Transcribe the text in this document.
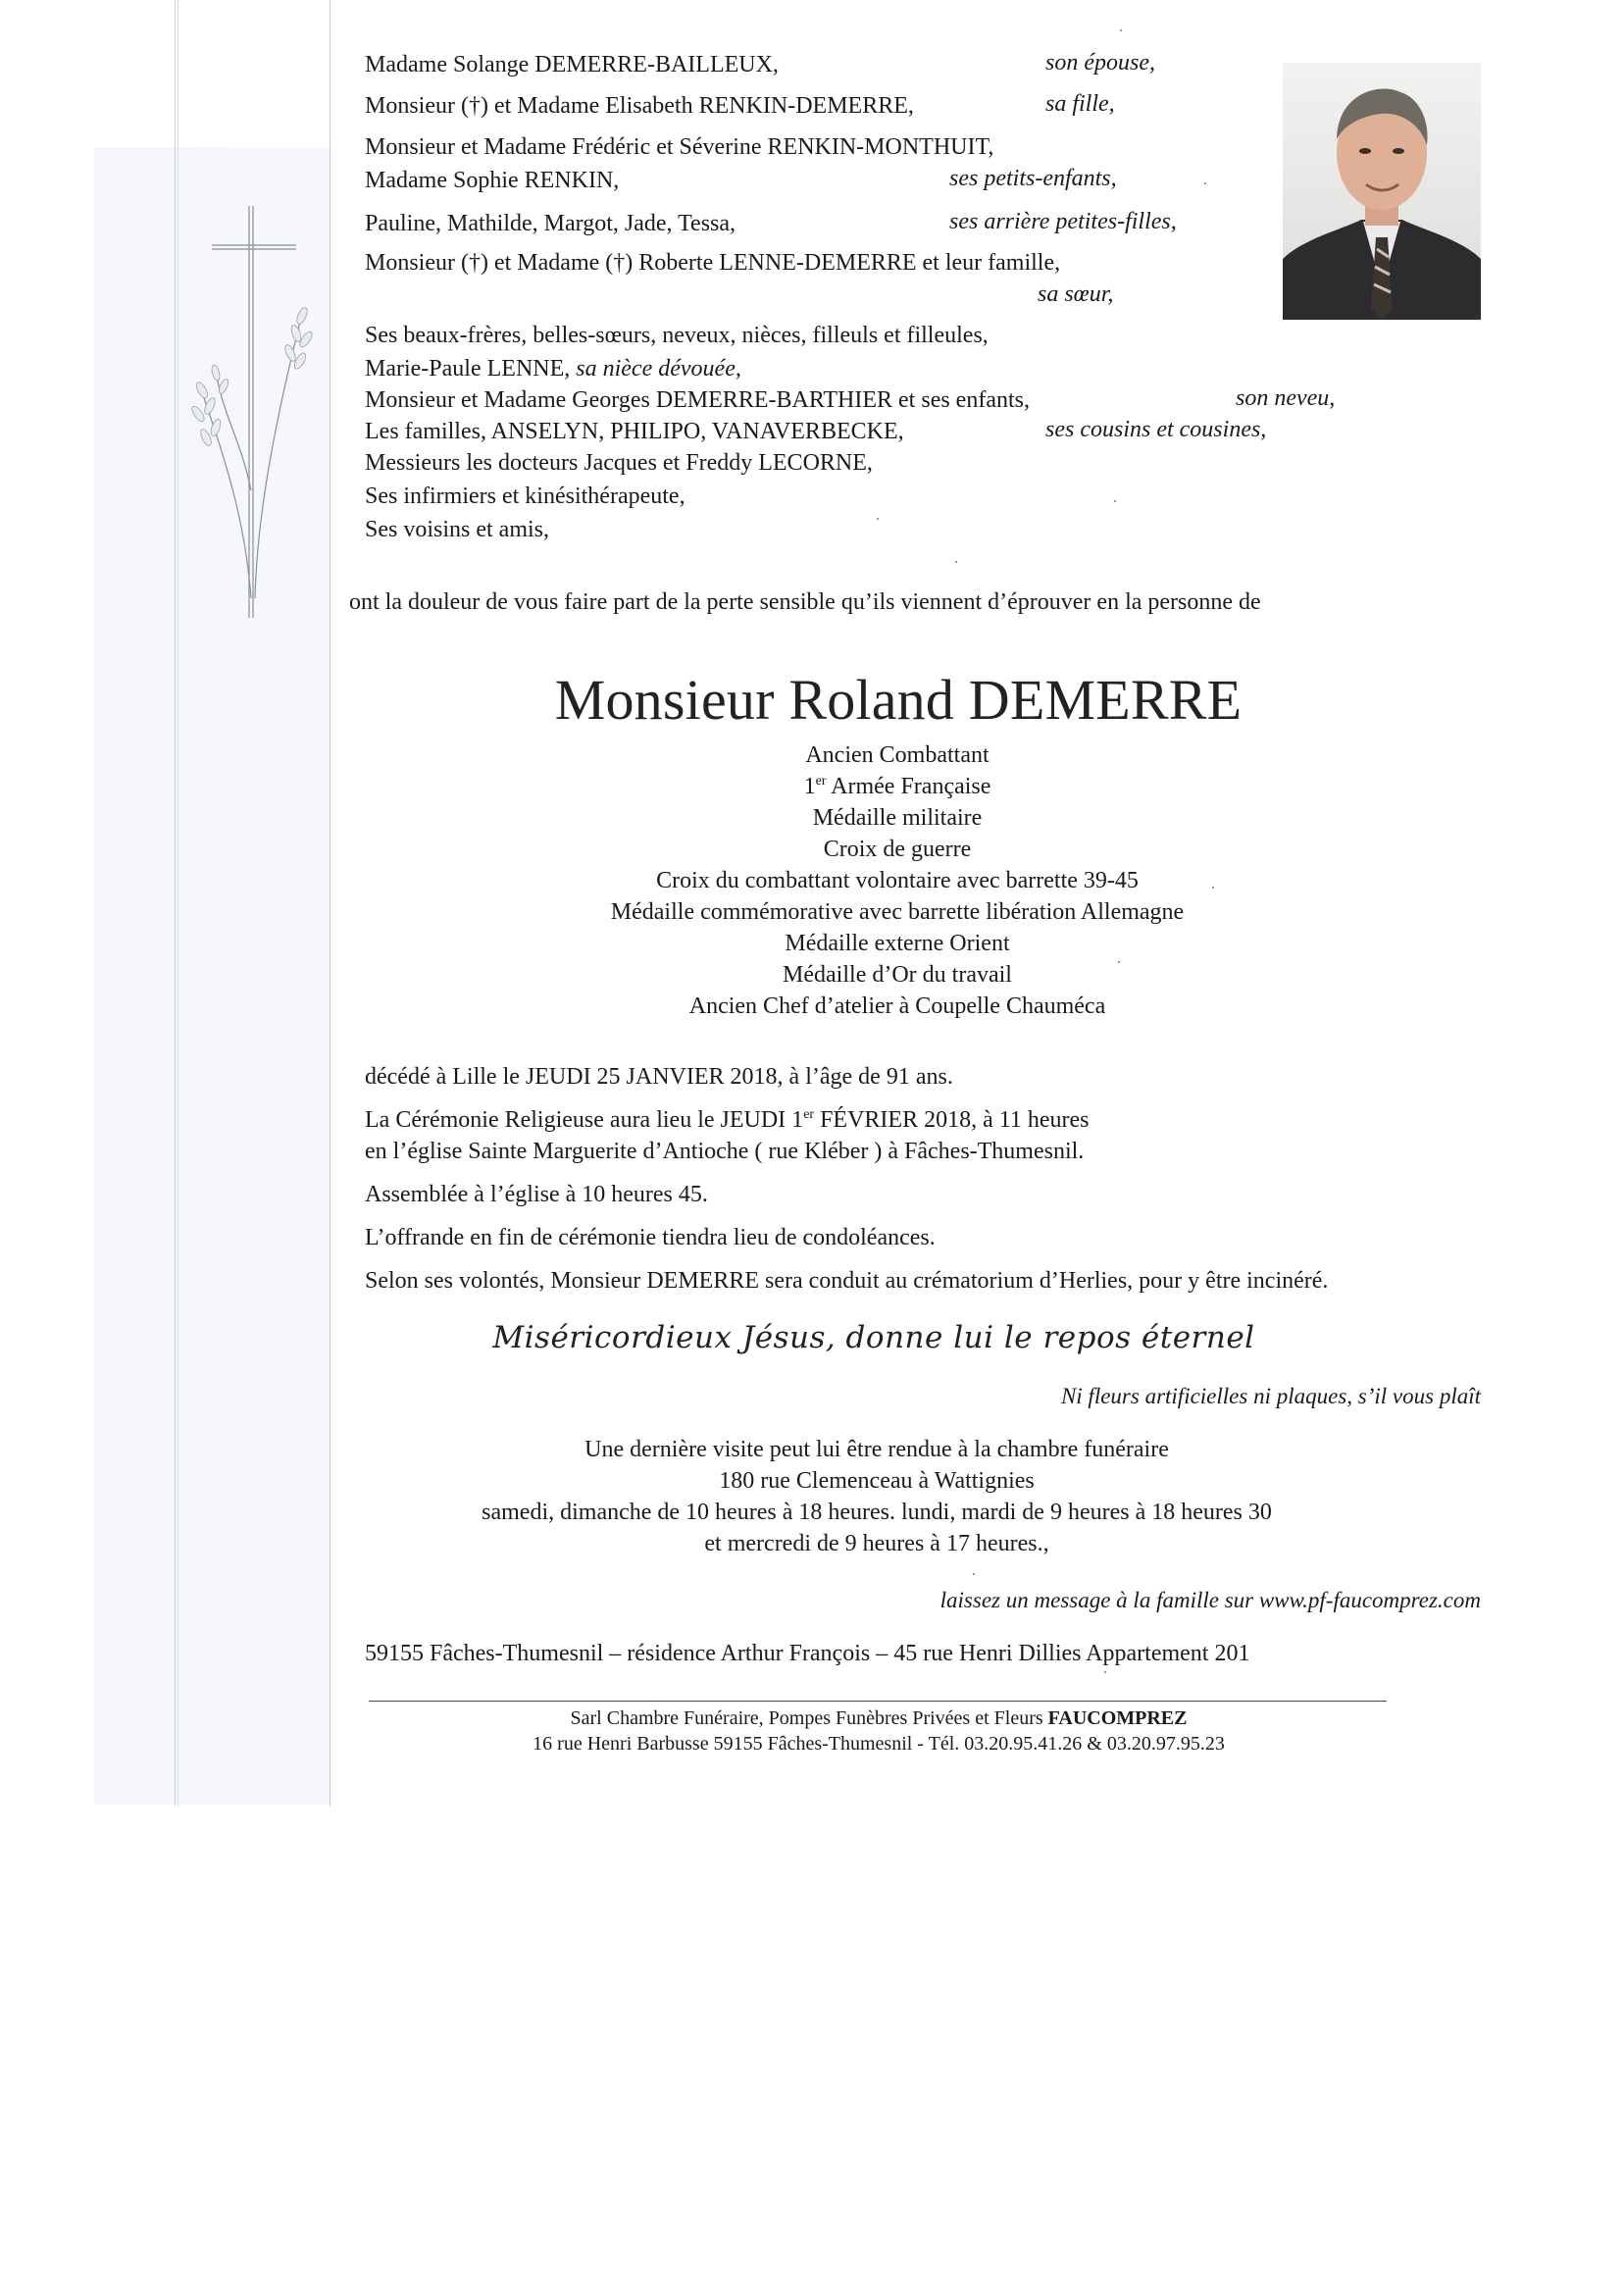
Madame Solange DEMERRE-BAILLEUX,	son épouse,
Monsieur (†) et Madame Elisabeth RENKIN-DEMERRE,	sa fille,
Monsieur et Madame Frédéric et Séverine RENKIN-MONTHUIT,
Madame Sophie RENKIN,	ses petits-enfants,
Pauline, Mathilde, Margot, Jade, Tessa,	ses arrière petites-filles,
Monsieur (†) et Madame (†) Roberte LENNE-DEMERRE et leur famille,
sa sœur,
Ses beaux-frères, belles-sœurs, neveux, nièces, filleuls et filleules,
Marie-Paule LENNE, sa nièce dévouée,
Monsieur et Madame Georges DEMERRE-BARTHIER et ses enfants,	son neveu,
Les familles, ANSELYN, PHILIPO, VANAVERBECKE,	ses cousins et cousines,
Messieurs les docteurs Jacques et Freddy LECORNE,
Ses infirmiers et kinésithérapeute,
Ses voisins et amis,
ont la douleur de vous faire part de la perte sensible qu’ils viennent d’éprouver en la personne de
Monsieur Roland DEMERRE
Ancien Combattant
1er Armée Française
Médaille militaire
Croix de guerre
Croix du combattant volontaire avec barrette 39-45
Médaille commémorative avec barrette libération Allemagne
Médaille externe Orient
Médaille d’Or du travail
Ancien Chef d’atelier à Coupelle Chauméca
décédé à Lille le JEUDI 25 JANVIER 2018, à l’âge de 91 ans.
La Cérémonie Religieuse aura lieu le JEUDI 1er FÉVRIER 2018, à 11 heures
en l’église Sainte Marguerite d’Antioche ( rue Kléber ) à Fâches-Thumesnil.
Assemblée à l’église à 10 heures 45.
L’offrande en fin de cérémonie tiendra lieu de condoléances.
Selon ses volontés, Monsieur DEMERRE sera conduit au crématorium d’Herlies, pour y être incinéré.
Miséricordieux Jésus, donne lui le repos éternel
Ni fleurs artificielles ni plaques, s’il vous plaît
Une dernière visite peut lui être rendue à la chambre funéraire
180 rue Clemenceau à Wattignies
samedi, dimanche de 10 heures à 18 heures. lundi, mardi de 9 heures à 18 heures 30
et mercredi de 9 heures à 17 heures.,
laissez un message à la famille sur www.pf-faucomprez.com
59155 Fâches-Thumesnil – résidence Arthur François – 45 rue Henri Dillies Appartement 201
Sarl Chambre Funéraire, Pompes Funèbres Privées et Fleurs FAUCOMPREZ
16 rue Henri Barbusse 59155 Fâches-Thumesnil - Tél. 03.20.95.41.26 & 03.20.97.95.23
